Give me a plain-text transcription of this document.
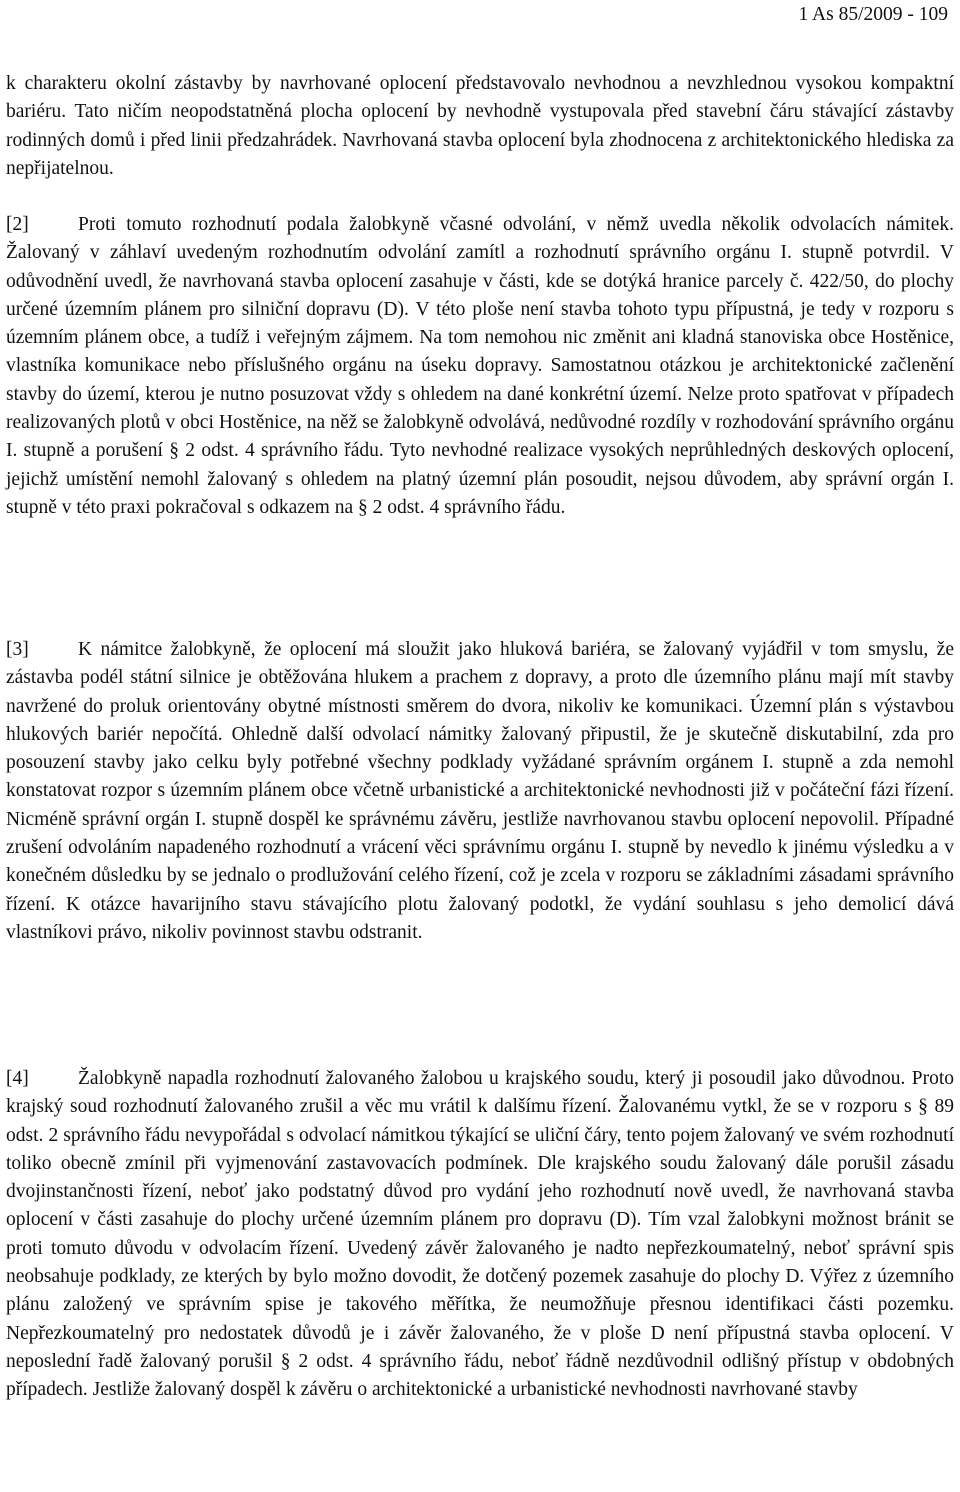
1 As 85/2009 - 109
k charakteru okolní zástavby by navrhované oplocení představovalo nevhodnou a nevzhlednou vysokou kompaktní bariéru. Tato ničím neopodstatněná plocha oplocení by nevhodně vystupovala před stavební čáru stávající zástavby rodinných domů i před linii předzahrádek. Navrhovaná stavba oplocení byla zhodnocena z architektonického hlediska za nepřijatelnou.
[2]	Proti tomuto rozhodnutí podala žalobkyně včasné odvolání, v němž uvedla několik odvolacích námitek. Žalovaný v záhlaví uvedeným rozhodnutím odvolání zamítl a rozhodnutí správního orgánu I. stupně potvrdil. V odůvodnění uvedl, že navrhovaná stavba oplocení zasahuje v části, kde se dotýká hranice parcely č. 422/50, do plochy určené územním plánem pro silniční dopravu (D). V této ploše není stavba tohoto typu přípustná, je tedy v rozporu s územním plánem obce, a tudíž i veřejným zájmem. Na tom nemohou nic změnit ani kladná stanoviska obce Hostěnice, vlastníka komunikace nebo příslušného orgánu na úseku dopravy. Samostatnou otázkou je architektonické začlenění stavby do území, kterou je nutno posuzovat vždy s ohledem na dané konkrétní území. Nelze proto spatřovat v případech realizovaných plotů v obci Hostěnice, na něž se žalobkyně odvolává, nedůvodné rozdíly v rozhodování správního orgánu I. stupně a porušení § 2 odst. 4 správního řádu. Tyto nevhodné realizace vysokých neprůhledných deskových oplocení, jejichž umístění nemohl žalovaný s ohledem na platný územní plán posoudit, nejsou důvodem, aby správní orgán I. stupně v této praxi pokračoval s odkazem na § 2 odst. 4 správního řádu.
[3]	K námitce žalobkyně, že oplocení má sloužit jako hluková bariéra, se žalovaný vyjádřil v tom smyslu, že zástavba podél státní silnice je obtěžována hlukem a prachem z dopravy, a proto dle územního plánu mají mít stavby navržené do proluk orientovány obytné místnosti směrem do dvora, nikoliv ke komunikaci. Územní plán s výstavbou hlukových bariér nepočítá. Ohledně další odvolací námitky žalovaný připustil, že je skutečně diskutabilní, zda pro posouzení stavby jako celku byly potřebné všechny podklady vyžádané správním orgánem I. stupně a zda nemohl konstatovat rozpor s územním plánem obce včetně urbanistické a architektonické nevhodnosti již v počáteční fázi řízení. Nicméně správní orgán I. stupně dospěl ke správnému závěru, jestliže navrhovanou stavbu oplocení nepovolil. Případné zrušení odvoláním napadeného rozhodnutí a vrácení věci správnímu orgánu I. stupně by nevedlo k jinému výsledku a v konečném důsledku by se jednalo o prodlužování celého řízení, což je zcela v rozporu se základními zásadami správního řízení. K otázce havarijního stavu stávajícího plotu žalovaný podotkl, že vydání souhlasu s jeho demolicí dává vlastníkovi právo, nikoliv povinnost stavbu odstranit.
[4]	Žalobkyně napadla rozhodnutí žalovaného žalobou u krajského soudu, který ji posoudil jako důvodnou. Proto krajský soud rozhodnutí žalovaného zrušil a věc mu vrátil k dalšímu řízení. Žalovanému vytkl, že se v rozporu s § 89 odst. 2 správního řádu nevypořádal s odvolací námitkou týkající se uliční čáry, tento pojem žalovaný ve svém rozhodnutí toliko obecně zmínil při vyjmenování zastavovacích podmínek. Dle krajského soudu žalovaný dále porušil zásadu dvojinstančnosti řízení, neboť jako podstatný důvod pro vydání jeho rozhodnutí nově uvedl, že navrhovaná stavba oplocení v části zasahuje do plochy určené územním plánem pro dopravu (D). Tím vzal žalobkyni možnost bránit se proti tomuto důvodu v odvolacím řízení. Uvedený závěr žalovaného je nadto nepřezkoumatelný, neboť správní spis neobsahuje podklady, ze kterých by bylo možno dovodit, že dotčený pozemek zasahuje do plochy D. Výřez z územního plánu založený ve správním spise je takového měřítka, že neumožňuje přesnou identifikaci části pozemku. Nepřezkoumatelný pro nedostatek důvodů je i závěr žalovaného, že v ploše D není přípustná stavba oplocení. V neposlední řadě žalovaný porušil § 2 odst. 4 správního řádu, neboť řádně nezdůvodnil odlišný přístup v obdobných případech. Jestliže žalovaný dospěl k závěru o architektonické a urbanistické nevhodnosti navrhované stavby
